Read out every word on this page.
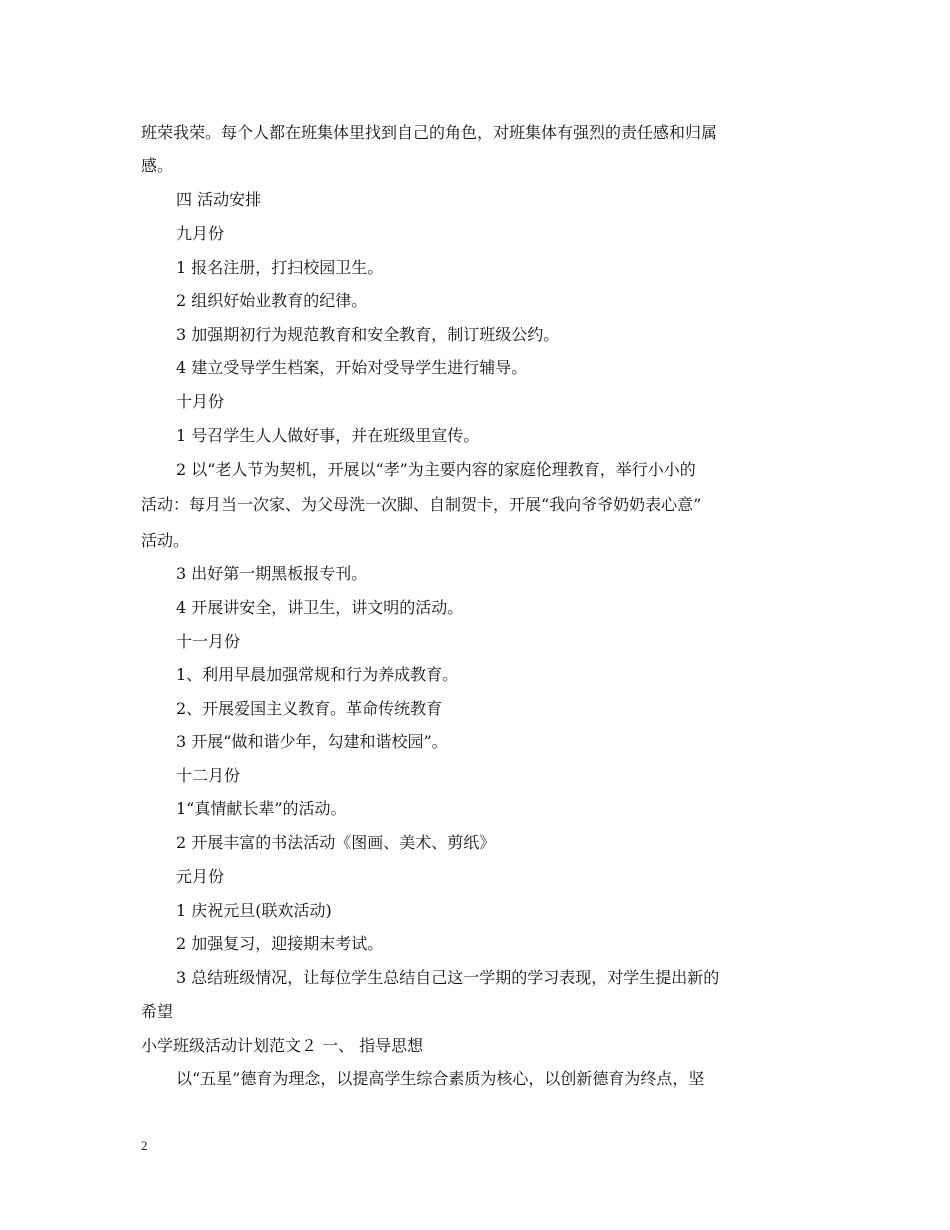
班荣我荣。每个人都在班集体里找到自己的角色，对班集体有强烈的责任感和归属
感。
四 活动安排
九月份
1 报名注册，打扫校园卫生。
2 组织好始业教育的纪律。
3 加强期初行为规范教育和安全教育，制订班级公约。
4 建立受导学生档案，开始对受导学生进行辅导。
十月份
1 号召学生人人做好事，并在班级里宣传。
2 以“老人节为契机，开展以“孝”为主要内容的家庭伦理教育，举行小小的
活动：每月当一次家、为父母洗一次脚、自制贺卡，开展“我向爷爷奶奶表心意”
活动。
3 出好第一期黑板报专刊。
4 开展讲安全，讲卫生，讲文明的活动。
十一月份
1、利用早晨加强常规和行为养成教育。
2、开展爱国主义教育。革命传统教育
3 开展“做和谐少年，勾建和谐校园”。
十二月份
1“真情献长辈”的活动。
2 开展丰富的书法活动《图画、美术、剪纸》
元月份
1 庆祝元旦(联欢活动)
2 加强复习，迎接期末考试。
3 总结班级情况，让每位学生总结自己这一学期的学习表现，对学生提出新的
希望
小学班级活动计划范文２ 一、 指导思想
以“五星”德育为理念，以提高学生综合素质为核心，以创新德育为终点，坚
2
